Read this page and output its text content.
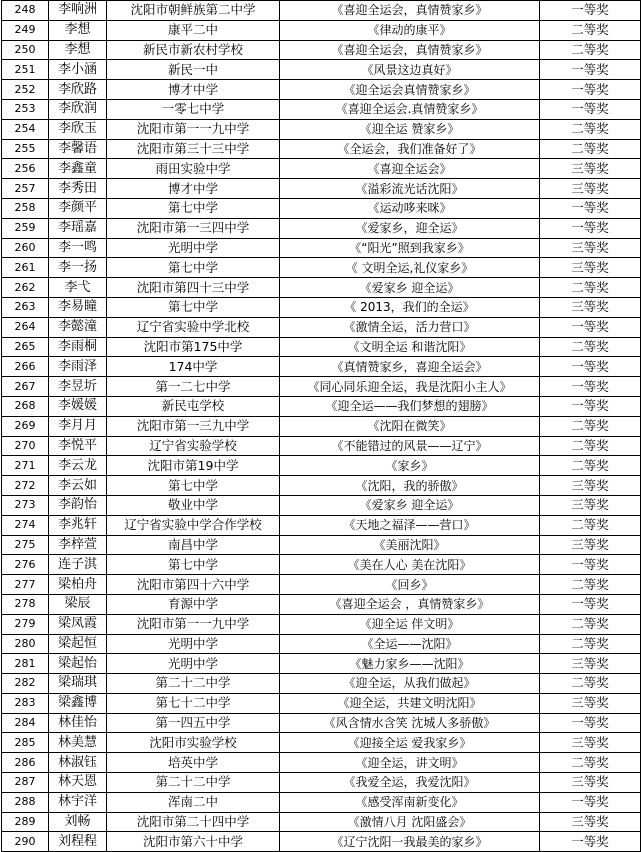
248	李响洲	沈阳市朝鲜族第二中学	《喜迎全运会，真情赞家乡》	一等奖
249	李想	康平二中	《律动的康平》	二等奖
250	李想	新民市新农村学校	《喜迎全运会，真情赞家乡》	二等奖
251	李小涵	新民一中	《风景这边真好》	一等奖
252	李欣路	博才中学	《迎全运会真情赞家乡》	一等奖
253	李欣润	一零七中学	《喜迎全运会.真情赞家乡》	一等奖
254	李欣玉	沈阳市第一一九中学	《迎全运 赞家乡》	二等奖
255	李馨语	沈阳市第三十三中学	《全运会，我们准备好了》	二等奖
256	李鑫童	雨田实验中学	《喜迎全运会》	三等奖
257	李秀田	博才中学	《溢彩流光话沈阳》	三等奖
258	李颜平	第七中学	《运动哆来咪》	一等奖
259	李瑶嘉	沈阳市第一三四中学	《爱家乡，迎全运》	一等奖
260	李一鸣	光明中学	《“阳光”照到我家乡》	三等奖
261	李一扬	第七中学	《 文明全运,礼仪家乡》	三等奖
262	李弋	沈阳市第四十三中学	《爱家乡 迎全运》	二等奖
263	李易瞳	第七中学	《 2013，我们的全运》	三等奖
264	李懿潼	辽宁省实验中学北校	《激情全运，活力营口》	一等奖
265	李雨桐	沈阳市第175中学	《文明全运 和谐沈阳》	二等奖
266	李雨泽	174中学	《真情赞家乡，喜迎全运会》	一等奖
267	李昱圻	第一二七中学	《同心同乐迎全运，我是沈阳小主人》	一等奖
268	李媛媛	新民屯学校	《迎全运——我们梦想的翅膀》	一等奖
269	李月月	沈阳市第一三九中学	《沈阳在微笑》	二等奖
270	李悦平	辽宁省实验学校	《不能错过的风景——辽宁》	二等奖
271	李云龙	沈阳市第19中学	《家乡》	二等奖
272	李云如	第七中学	《沈阳，我的骄傲》	三等奖
273	李韵怡	敬业中学	《爱家乡 迎全运》	三等奖
274	李兆轩	辽宁省实验中学合作学校	《天地之福泽——营口》	二等奖
275	李梓萱	南昌中学	《美丽沈阳》	三等奖
276	连子淇	第七中学	《美在人心 美在沈阳》	一等奖
277	梁柏舟	沈阳市第四十六中学	《回乡》	二等奖
278	梁辰	育源中学	《喜迎全运会 ，真情赞家乡》	一等奖
279	梁凤霞	沈阳市第一一九中学	《迎全运 伴文明》	二等奖
280	梁起恒	光明中学	《全运——沈阳》	二等奖
281	梁起怡	光明中学	《魅力家乡——沈阳》	三等奖
282	梁瑞琪	第二十二中学	《迎全运，从我们做起》	二等奖
283	梁鑫博	第七十二中学	《迎全运，共建文明沈阳》	三等奖
284	林佳怡	第一四五中学	《风含情水含笑 沈城人多骄傲》	一等奖
285	林美慧	沈阳市实验学校	《迎接全运 爱我家乡》	三等奖
286	林淑钰	培英中学	《迎全运，讲文明》	二等奖
287	林天恩	第二十二中学	《我爱全运，我爱沈阳》	三等奖
288	林宇洋	浑南二中	《感受浑南新变化》	一等奖
289	刘畅	沈阳市第二十四中学	《激情八月 沈阳盛会》	三等奖
290	刘程程	沈阳市第六十中学	《辽宁沈阳一我最美的家乡》	一等奖
